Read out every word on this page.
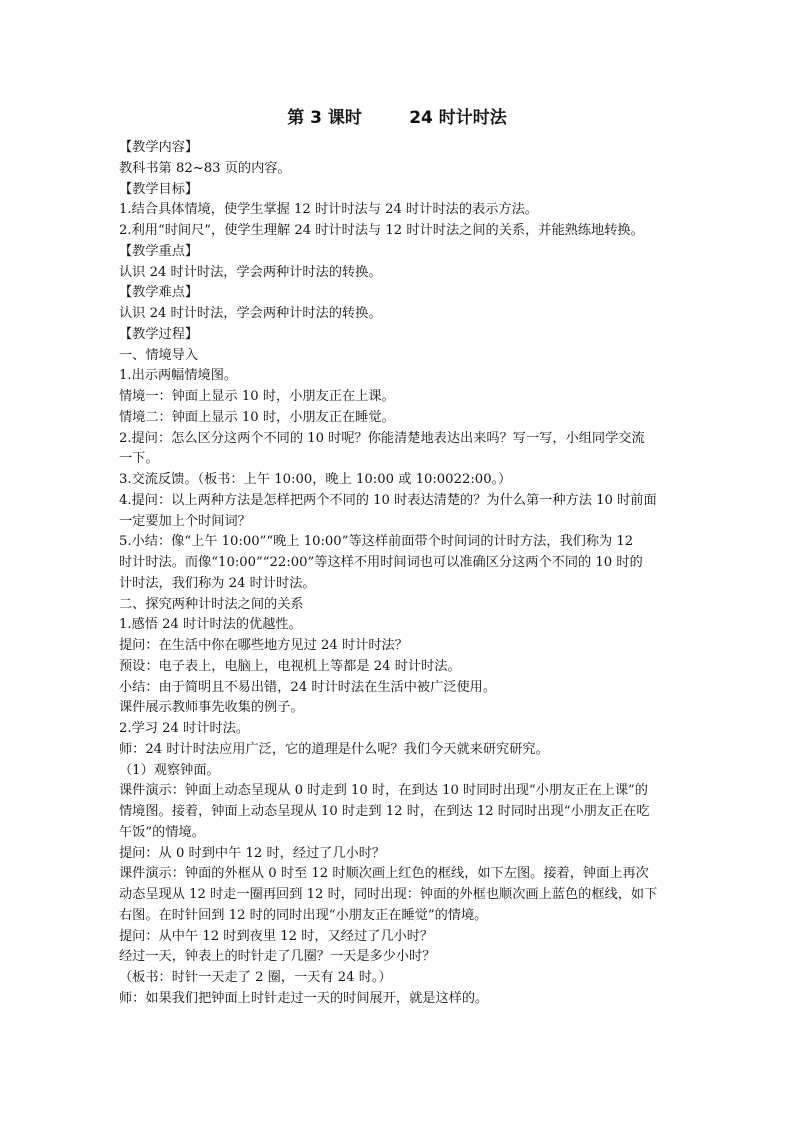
第 3 课时        24 时计时法
【教学内容】
教科书第 82~83 页的内容。
【教学目标】
1.结合具体情境，使学生掌握 12 时计时法与 24 时计时法的表示方法。
2.利用“时间尺”，使学生理解 24 时计时法与 12 时计时法之间的关系，并能熟练地转换。
【教学重点】
认识 24 时计时法，学会两种计时法的转换。
【教学难点】
认识 24 时计时法，学会两种计时法的转换。
【教学过程】
一、情境导入
1.出示两幅情境图。
情境一：钟面上显示 10 时，小朋友正在上课。
情境二：钟面上显示 10 时，小朋友正在睡觉。
2.提问：怎么区分这两个不同的 10 时呢？你能清楚地表达出来吗？写一写，小组同学交流
一下。
3.交流反馈。（板书：上午 10:00，晚上 10:00 或 10:0022:00。）
4.提问：以上两种方法是怎样把两个不同的 10 时表达清楚的？为什么第一种方法 10 时前面
一定要加上个时间词？
5.小结：像“上午 10:00”“晚上 10:00”等这样前面带个时间词的计时方法，我们称为 12
时计时法。而像“10:00”“22:00”等这样不用时间词也可以准确区分这两个不同的 10 时的
计时法，我们称为 24 时计时法。
二、探究两种计时法之间的关系
1.感悟 24 时计时法的优越性。
提问：在生活中你在哪些地方见过 24 时计时法？
预设：电子表上，电脑上，电视机上等都是 24 时计时法。
小结：由于简明且不易出错，24 时计时法在生活中被广泛使用。
课件展示教师事先收集的例子。
2.学习 24 时计时法。
师：24 时计时法应用广泛，它的道理是什么呢？我们今天就来研究研究。
（1）观察钟面。
课件演示：钟面上动态呈现从 0 时走到 10 时，在到达 10 时同时出现“小朋友正在上课”的
情境图。接着，钟面上动态呈现从 10 时走到 12 时，在到达 12 时同时出现“小朋友正在吃
午饭”的情境。
提问：从 0 时到中午 12 时，经过了几小时？
课件演示：钟面的外框从 0 时至 12 时顺次画上红色的框线，如下左图。接着，钟面上再次
动态呈现从 12 时走一圈再回到 12 时，同时出现：钟面的外框也顺次画上蓝色的框线，如下
右图。在时针回到 12 时的同时出现“小朋友正在睡觉”的情境。
提问：从中午 12 时到夜里 12 时，又经过了几小时？
经过一天，钟表上的时针走了几圈？一天是多少小时？
（板书：时针一天走了 2 圈，一天有 24 时。）
师：如果我们把钟面上时针走过一天的时间展开，就是这样的。
